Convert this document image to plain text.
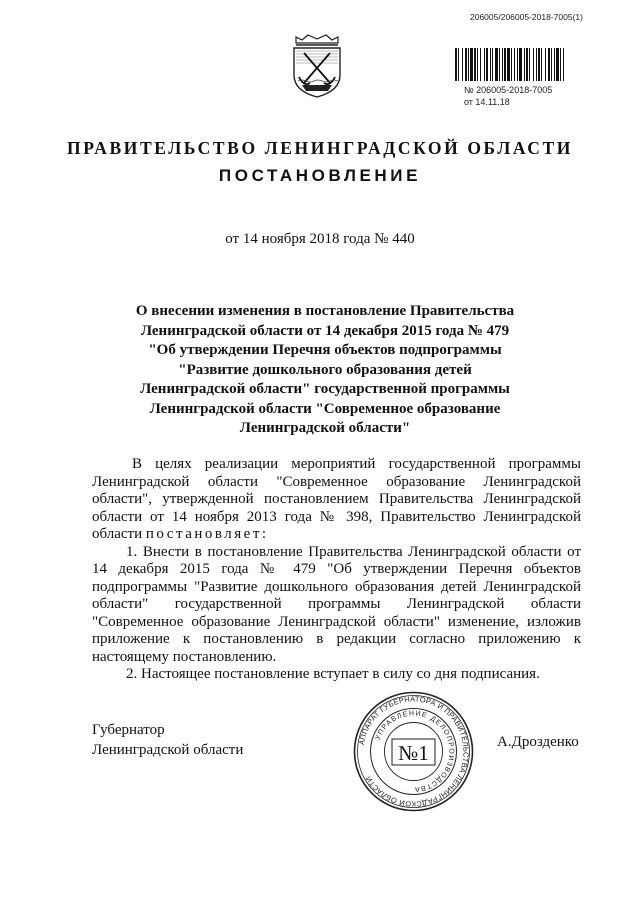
206005/206005-2018-7005(1)
№ 206005-2018-7005
от 14.11.18
ПРАВИТЕЛЬСТВО ЛЕНИНГРАДСКОЙ ОБЛАСТИ
ПОСТАНОВЛЕНИЕ
от 14 ноября 2018 года № 440
О внесении изменения в постановление Правительства
Ленинградской области от 14 декабря 2015 года № 479
"Об утверждении Перечня объектов подпрограммы
"Развитие дошкольного образования детей
Ленинградской области" государственной программы
Ленинградской области "Современное образование
Ленинградской области"

В целях реализации мероприятий государственной программы Ленинградской области "Современное образование Ленинградской области", утвержденной постановлением Правительства Ленинградской области от 14 ноября 2013 года № 398, Правительство Ленинградской области постановляет:

1. Внести в постановление Правительства Ленинградской области от 14 декабря 2015 года № 479 "Об утверждении Перечня объектов подпрограммы "Развитие дошкольного образования детей Ленинградской области" государственной программы Ленинградской области "Современное образование Ленинградской области" изменение, изложив приложение к постановлению в редакции согласно приложению к настоящему постановлению.

2. Настоящее постановление вступает в силу со дня подписания.

Губернатор
Ленинградской области	А.Дрозденко
АППАРАТ ГУБЕРНАТОРА И ПРАВИТЕЛЬСТВА ЛЕНИНГРАДСКОЙ ОБЛАСТИ
УПРАВЛЕНИЕ ДЕЛОПРОИЗВОДСТВА
№1
